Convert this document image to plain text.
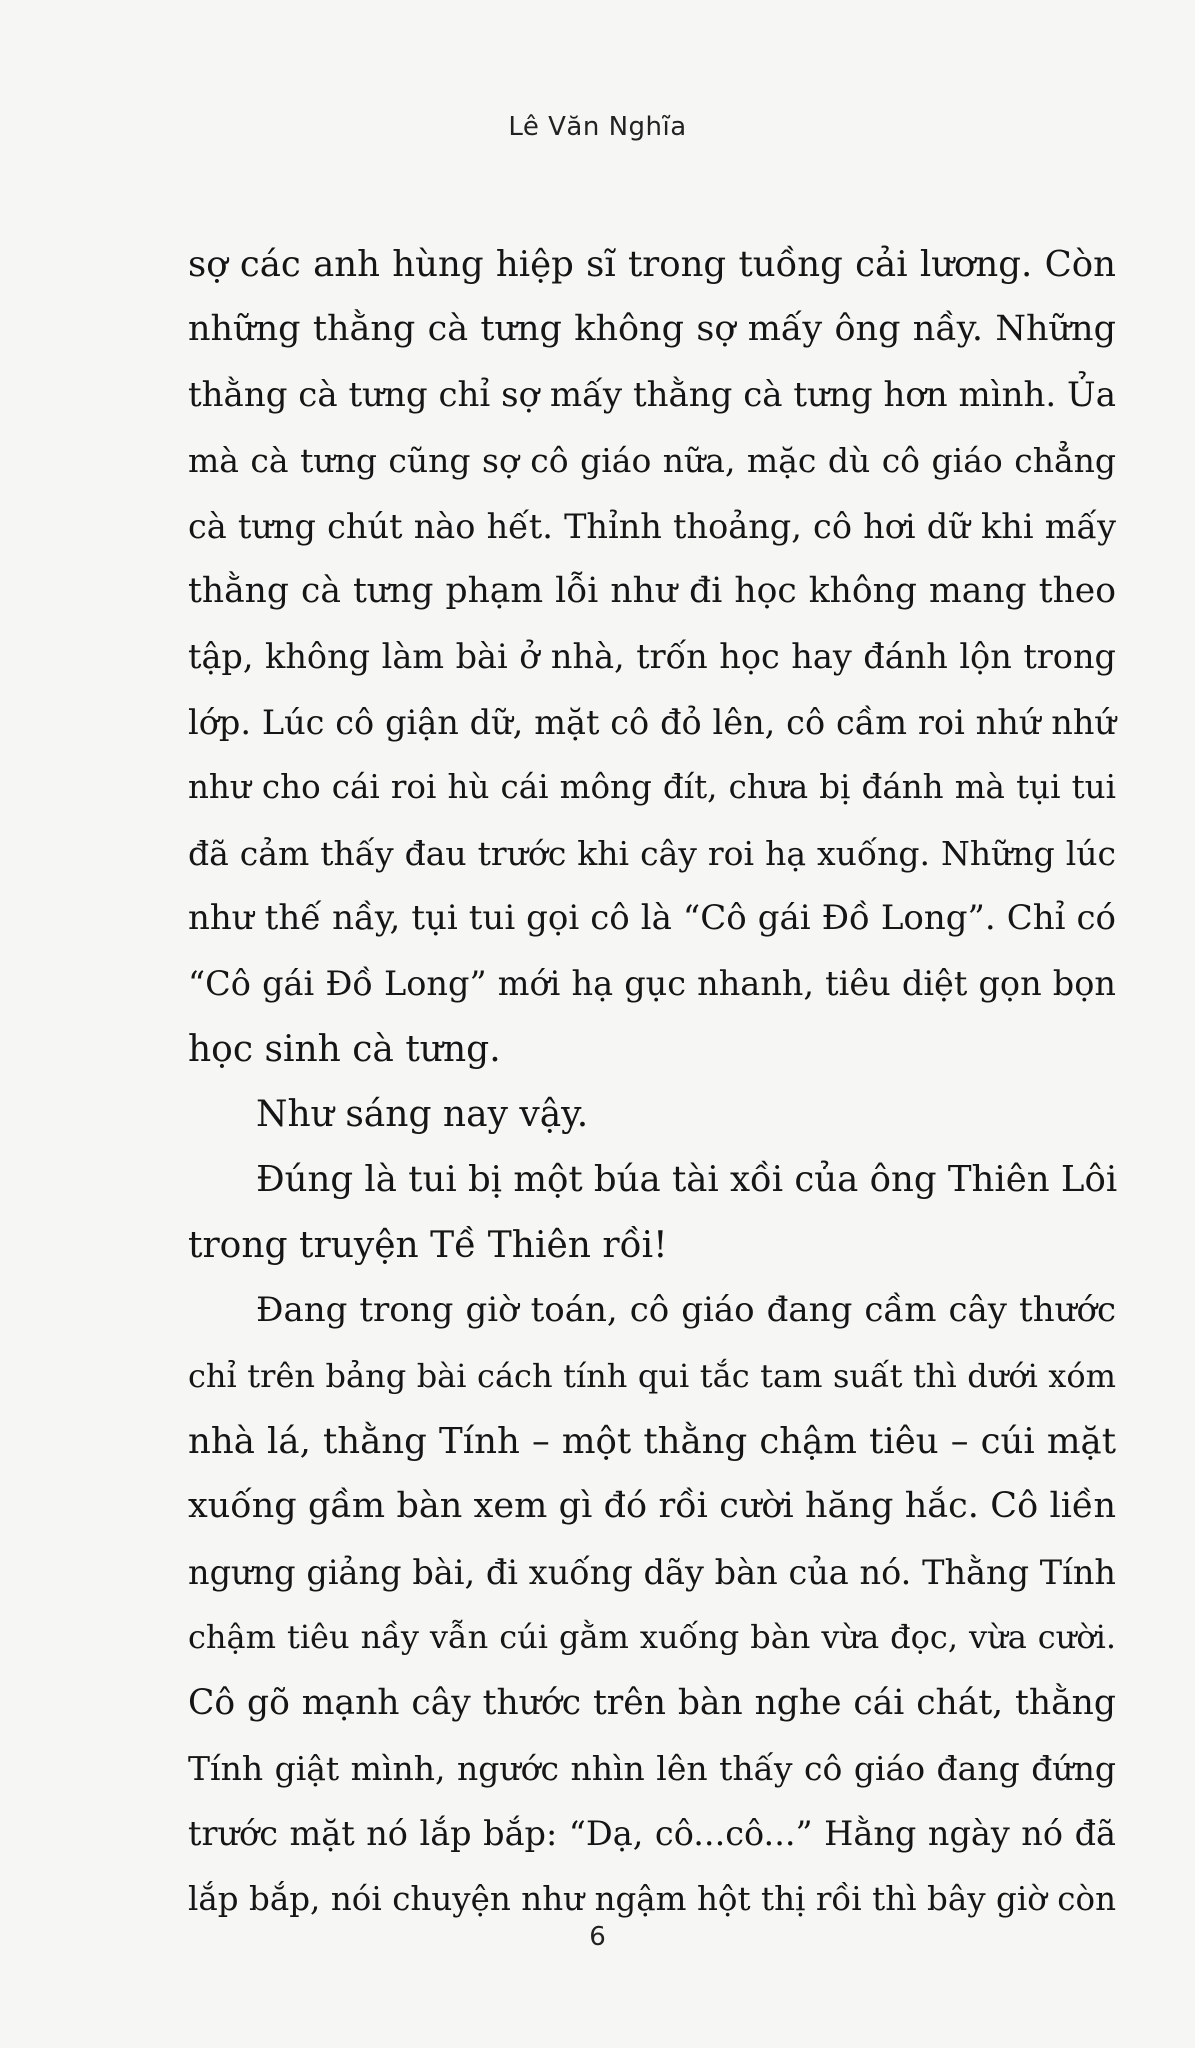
Lê Văn Nghĩa
sợ các anh hùng hiệp sĩ trong tuồng cải lương. Còn
những thằng cà tưng không sợ mấy ông nầy. Những
thằng cà tưng chỉ sợ mấy thằng cà tưng hơn mình. Ủa
mà cà tưng cũng sợ cô giáo nữa, mặc dù cô giáo chẳng
cà tưng chút nào hết. Thỉnh thoảng, cô hơi dữ khi mấy
thằng cà tưng phạm lỗi như đi học không mang theo
tập, không làm bài ở nhà, trốn học hay đánh lộn trong
lớp. Lúc cô giận dữ, mặt cô đỏ lên, cô cầm roi nhứ nhứ
như cho cái roi hù cái mông đít, chưa bị đánh mà tụi tui
đã cảm thấy đau trước khi cây roi hạ xuống. Những lúc
như thế nầy, tụi tui gọi cô là “Cô gái Đồ Long”. Chỉ có
“Cô gái Đồ Long” mới hạ gục nhanh, tiêu diệt gọn bọn
học sinh cà tưng.
Như sáng nay vậy.
Đúng là tui bị một búa tài xồi của ông Thiên Lôi
trong truyện Tề Thiên rồi!
Đang trong giờ toán, cô giáo đang cầm cây thước
chỉ trên bảng bài cách tính qui tắc tam suất thì dưới xóm
nhà lá, thằng Tính – một thằng chậm tiêu – cúi mặt
xuống gầm bàn xem gì đó rồi cười hăng hắc. Cô liền
ngưng giảng bài, đi xuống dãy bàn của nó. Thằng Tính
chậm tiêu nầy vẫn cúi gằm xuống bàn vừa đọc, vừa cười.
Cô gõ mạnh cây thước trên bàn nghe cái chát, thằng
Tính giật mình, ngước nhìn lên thấy cô giáo đang đứng
trước mặt nó lắp bắp: “Dạ, cô...cô...” Hằng ngày nó đã
lắp bắp, nói chuyện như ngậm hột thị rồi thì bây giờ còn
6
